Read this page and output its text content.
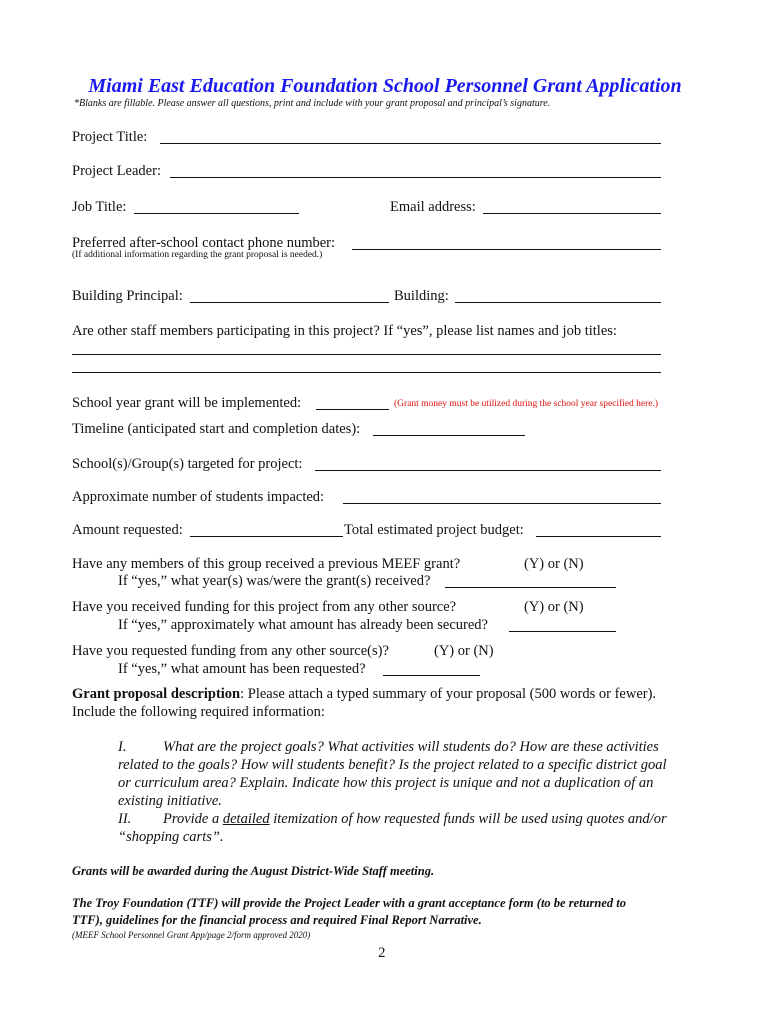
Miami East Education Foundation School Personnel Grant Application
*Blanks are fillable. Please answer all questions, print and include with your grant proposal and principal’s signature.
Project Title:
Project Leader:
Job Title:	Email address:
Preferred after-school contact phone number:
(If additional information regarding the grant proposal is needed.)
Building Principal:	Building:
Are other staff members participating in this project? If “yes”, please list names and job titles:
School year grant will be implemented:	(Grant money must be utilized during the school year specified here.)
Timeline (anticipated start and completion dates):
School(s)/Group(s) targeted for project:
Approximate number of students impacted:
Amount requested:	Total estimated project budget:
Have any members of this group received a previous MEEF grant?	(Y) or (N)
If “yes,” what year(s) was/were the grant(s) received?
Have you received funding for this project from any other source?	(Y) or (N)
If “yes,” approximately what amount has already been secured?
Have you requested funding from any other source(s)?	(Y) or (N)
If “yes,” what amount has been requested?
Grant proposal description: Please attach a typed summary of your proposal (500 words or fewer).
Include the following required information:
I.	What are the project goals? What activities will students do? How are these activities
related to the goals? How will students benefit? Is the project related to a specific district goal
or curriculum area? Explain. Indicate how this project is unique and not a duplication of an
existing initiative.
II. Provide a detailed itemization of how requested funds will be used using quotes and/or
“shopping carts”.
Grants will be awarded during the August District-Wide Staff meeting.
The Troy Foundation (TTF) will provide the Project Leader with a grant acceptance form (to be returned to
TTF), guidelines for the financial process and required Final Report Narrative.
(MEEF School Personnel Grant App/page 2/form approved 2020)
2
